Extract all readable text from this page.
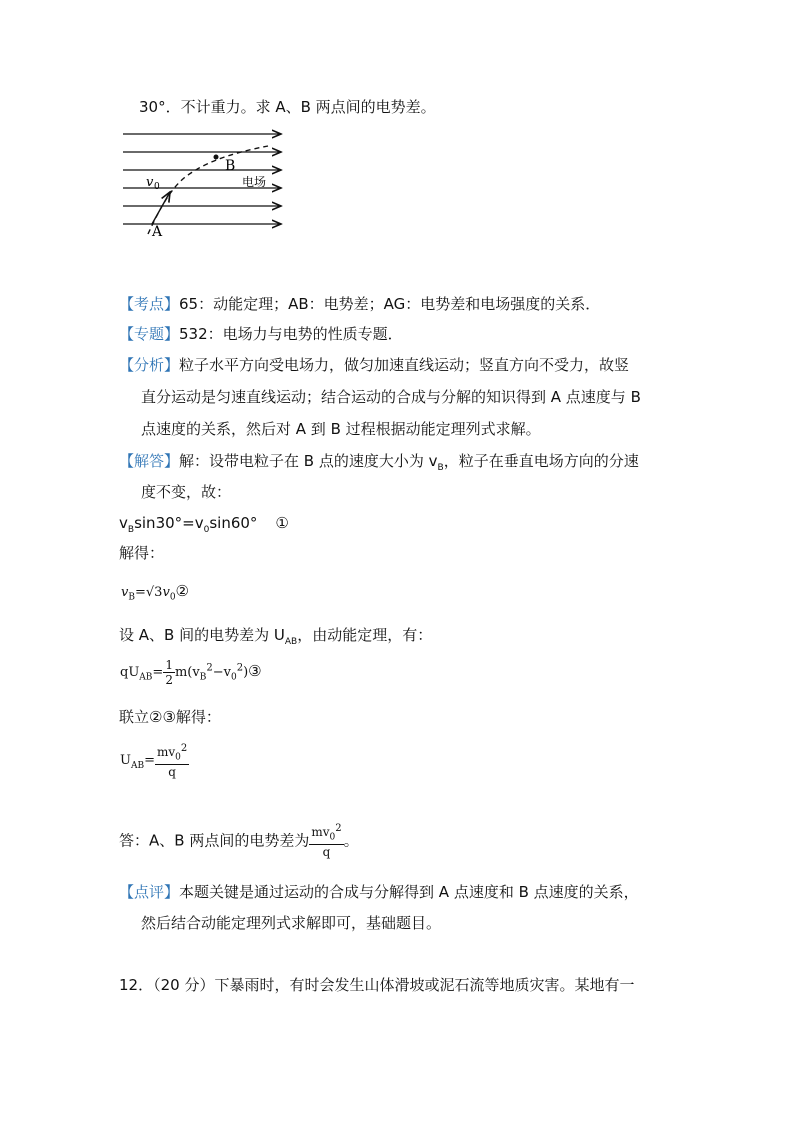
30°．不计重力。求 A、B 两点间的电势差。
B
A
v 0	电场
【考点】65：动能定理；AB：电势差；AG：电势差和电场强度的关系．
【专题】532：电场力与电势的性质专题．
【分析】粒子水平方向受电场力，做匀加速直线运动；竖直方向不受力，故竖
直分运动是匀速直线运动；结合运动的合成与分解的知识得到 A 点速度与 B
点速度的关系，然后对 A 到 B 过程根据动能定理列式求解。
【解答】解：设带电粒子在 B 点的速度大小为 $v_B$，粒子在垂直电场方向的分速
度不变，故：
$v_B\sin 30^\circ=v_0\sin 60^\circ$ ①
解得：
$v_B=√3v_0②$
设 A、B 间的电势差为 $U_{AB}$，由动能定理，有：
$qU_{AB}= \frac{1}{2}$ $m(v_B^2-v_0^2)③$
联立②③解得：
$U_{AB}= \frac{mv_0^2}{q}$
答：A、B 两点间的电势差为 $\frac{mv_0^2}{q}$ 。
【点评】本题关键是通过运动的合成与分解得到 A 点速度和 B 点速度的关系，
然后结合动能定理列式求解即可，基础题目。
12．（20 分）下暴雨时，有时会发生山体滑坡或泥石流等地质灾害。某地有一
